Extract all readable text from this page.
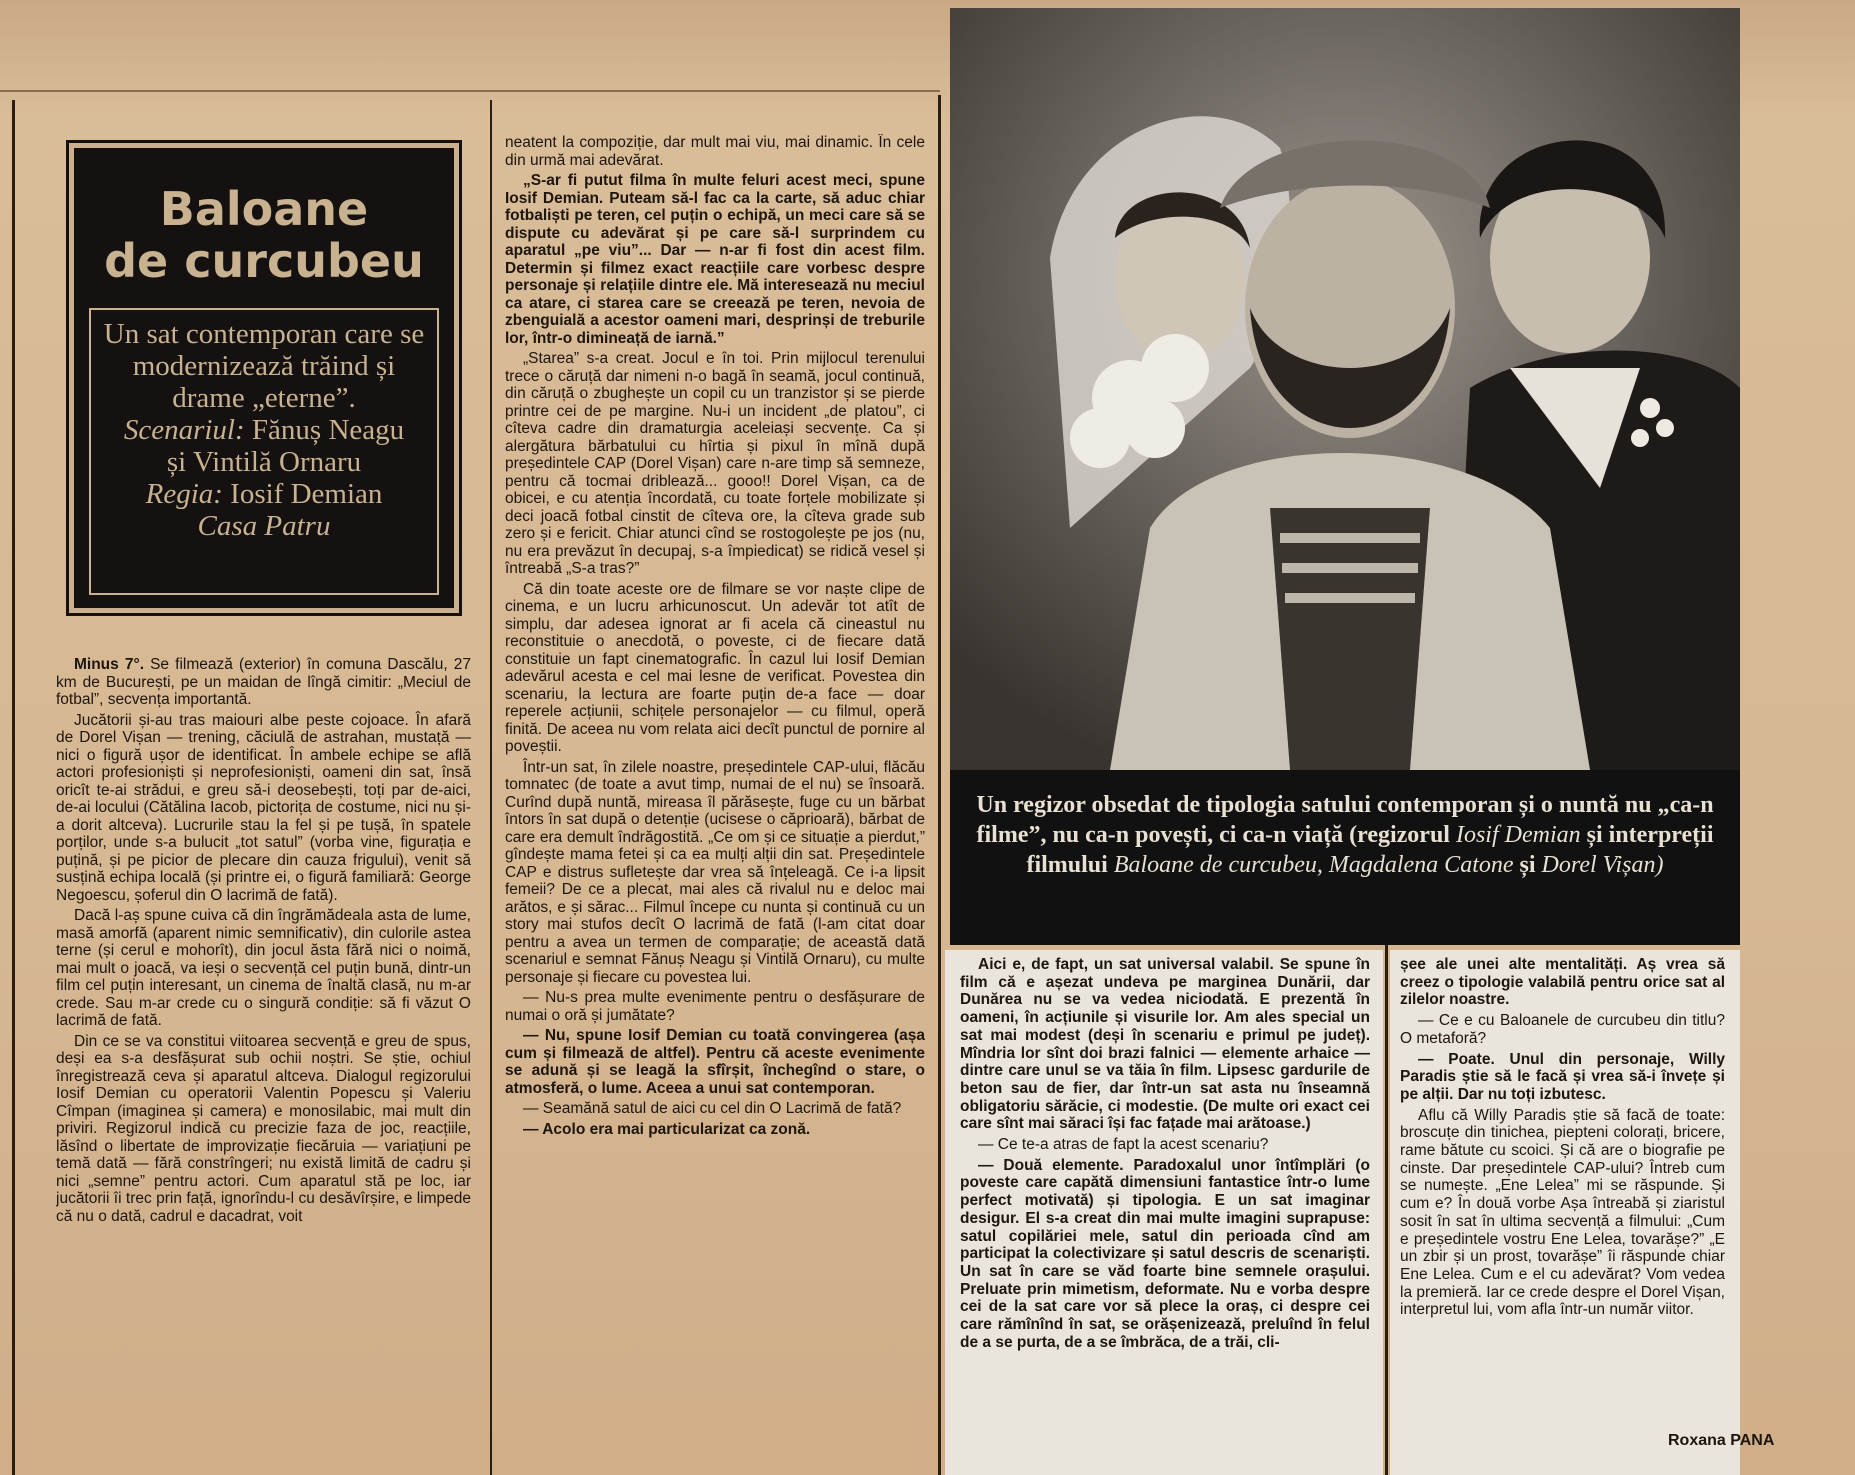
Baloane
de curcubeu
Un sat contemporan care se modernizează trăind și drame „eterne”.
Scenariul: Fănuș Neagu
și Vintilă Ornaru
Regia: Iosif Demian
Casa Patru

Minus 7°. Se filmează (exterior) în comuna Dascălu, 27 km de București, pe un maidan de lîngă cimitir: „Meciul de fotbal”, secvența importantă.

Jucătorii și-au tras maiouri albe peste cojoace. În afară de Dorel Vișan — trening, căciulă de astrahan, mustață — nici o figură ușor de identificat. În ambele echipe se află actori profesioniști și neprofesioniști, oameni din sat, însă oricît te-ai strădui, e greu să-i deosebești, toți par de-aici, de-ai locului (Cătălina Iacob, pictorița de costume, nici nu și-a dorit altceva). Lucrurile stau la fel și pe tușă, în spatele porților, unde s-a bulucit „tot satul” (vorba vine, figurația e puțină, și pe picior de plecare din cauza frigului), venit să susțină echipa locală (și printre ei, o figură familiară: George Negoescu, șoferul din O lacrimă de fată).

Dacă l-aș spune cuiva că din îngrămădeala asta de lume, masă amorfă (aparent nimic semnificativ), din culorile astea terne (și cerul e mohorît), din jocul ăsta fără nici o noimă, mai mult o joacă, va ieși o secvență cel puțin bună, dintr-un film cel puțin interesant, un cinema de înaltă clasă, nu m-ar crede. Sau m-ar crede cu o singură condiție: să fi văzut O lacrimă de fată.

Din ce se va constitui viitoarea secvență e greu de spus, deși ea s-a desfășurat sub ochii noștri. Se știe, ochiul înregistrează ceva și aparatul altceva. Dialogul regizorului Iosif Demian cu operatorii Valentin Popescu și Valeriu Cîmpan (imaginea și camera) e monosilabic, mai mult din priviri. Regizorul indică cu precizie faza de joc, reacțiile, lăsînd o libertate de improvizație fiecăruia — variațiuni pe temă dată — fără constrîngeri; nu există limită de cadru și nici „semne” pentru actori. Cum aparatul stă pe loc, iar jucătorii îi trec prin față, ignorîndu-l cu desăvîrșire, e limpede că nu o dată, cadrul e dacadrat, voit

neatent la compoziție, dar mult mai viu, mai dinamic. În cele din urmă mai adevărat.

„S-ar fi putut filma în multe feluri acest meci, spune Iosif Demian. Puteam să-l fac ca la carte, să aduc chiar fotbaliști pe teren, cel puțin o echipă, un meci care să se dispute cu adevărat și pe care să-l surprindem cu aparatul „pe viu”... Dar — n-ar fi fost din acest film. Determin și filmez exact reacțiile care vorbesc despre personaje și relațiile dintre ele. Mă interesează nu meciul ca atare, ci starea care se creează pe teren, nevoia de zbenguială a acestor oameni mari, desprinși de treburile lor, într-o dimineață de iarnă.”

„Starea” s-a creat. Jocul e în toi. Prin mijlocul terenului trece o căruță dar nimeni n-o bagă în seamă, jocul continuă, din căruță o zbughește un copil cu un tranzistor și se pierde printre cei de pe margine. Nu-i un incident „de platou”, ci cîteva cadre din dramaturgia aceleiași secvențe. Ca și alergătura bărbatului cu hîrtia și pixul în mînă după președintele CAP (Dorel Vișan) care n-are timp să semneze, pentru că tocmai driblează... gooo!! Dorel Vișan, ca de obicei, e cu atenția încordată, cu toate forțele mobilizate și deci joacă fotbal cinstit de cîteva ore, la cîteva grade sub zero și e fericit. Chiar atunci cînd se rostogolește pe jos (nu, nu era prevăzut în decupaj, s-a împiedicat) se ridică vesel și întreabă „S-a tras?”

Că din toate aceste ore de filmare se vor naște clipe de cinema, e un lucru arhicunoscut. Un adevăr tot atît de simplu, dar adesea ignorat ar fi acela că cineastul nu reconstituie o anecdotă, o poveste, ci de fiecare dată constituie un fapt cinematografic. În cazul lui Iosif Demian adevărul acesta e cel mai lesne de verificat. Povestea din scenariu, la lectura are foarte puțin de-a face — doar reperele acțiunii, schițele personajelor — cu filmul, operă finită. De aceea nu vom relata aici decît punctul de pornire al poveștii.

Într-un sat, în zilele noastre, președintele CAP-ului, flăcău tomnatec (de toate a avut timp, numai de el nu) se însoară. Curînd după nuntă, mireasa îl părăsește, fuge cu un bărbat întors în sat după o detenție (ucisese o căprioară), bărbat de care era demult îndrăgostită. „Ce om și ce situație a pierdut,” gîndește mama fetei și ca ea mulți alții din sat. Președintele CAP e distrus sufletește dar vrea să înțeleagă. Ce i-a lipsit femeii? De ce a plecat, mai ales că rivalul nu e deloc mai arătos, e și sărac... Filmul începe cu nunta și continuă cu un story mai stufos decît O lacrimă de fată (l-am citat doar pentru a avea un termen de comparație; de această dată scenariul e semnat Fănuș Neagu și Vintilă Ornaru), cu multe personaje și fiecare cu povestea lui.

— Nu-s prea multe evenimente pentru o desfășurare de numai o oră și jumătate?

— Nu, spune Iosif Demian cu toată convingerea (așa cum și filmează de altfel). Pentru că aceste evenimente se adună și se leagă la sfîrșit, închegînd o stare, o atmosferă, o lume. Aceea a unui sat contemporan.

— Seamănă satul de aici cu cel din O Lacrimă de fată?

— Acolo era mai particularizat ca zonă.

Un regizor obsedat de tipologia satului contemporan și o nuntă nu „ca-n filme”, nu ca-n povești, ci ca-n viață (regizorul Iosif Demian și interpreții filmului Baloane de curcubeu, Magdalena Catone și Dorel Vișan)

Aici e, de fapt, un sat universal valabil. Se spune în film că e așezat undeva pe marginea Dunării, dar Dunărea nu se va vedea niciodată. E prezentă în oameni, în acțiunile și visurile lor. Am ales special un sat mai modest (deși în scenariu e primul pe județ). Mîndria lor sînt doi brazi falnici — elemente arhaice — dintre care unul se va tăia în film. Lipsesc gardurile de beton sau de fier, dar într-un sat asta nu înseamnă obligatoriu sărăcie, ci modestie. (De multe ori exact cei care sînt mai săraci își fac fațade mai arătoase.)

— Ce te-a atras de fapt la acest scenariu?

— Două elemente. Paradoxalul unor întîmplări (o poveste care capătă dimensiuni fantastice într-o lume perfect motivată) și tipologia. E un sat imaginar desigur. El s-a creat din mai multe imagini suprapuse: satul copilăriei mele, satul din perioada cînd am participat la colectivizare și satul descris de scenariști. Un sat în care se văd foarte bine semnele orașului. Preluate prin mimetism, deformate. Nu e vorba despre cei de la sat care vor să plece la oraș, ci despre cei care rămînînd în sat, se orășenizează, preluînd în felul de a se purta, de a se îmbrăca, de a trăi, cli-

șee ale unei alte mentalități. Aș vrea să creez o tipologie valabilă pentru orice sat al zilelor noastre.

— Ce e cu Baloanele de curcubeu din titlu? O metaforă?

— Poate. Unul din personaje, Willy Paradis știe să le facă și vrea să-i învețe și pe alții. Dar nu toți izbutesc.

Aflu că Willy Paradis știe să facă de toate: broscuțe din tinichea, piepteni colorați, briceге, rame bătute cu scoici. Și că are o biografie pe cinste. Dar președintele CAP-ului? Întreb cum se numește. „Ene Lelea” mi se răspunde. Și cum e? În două vorbe Așa întreabă și ziaristul sosit în sat în ultima secvență a filmului: „Cum e președintele vostru Ene Lelea, tovarășe?” „E un zbir și un prost, tovarășe” îi răspunde chiar Ene Lelea. Cum e el cu adevărat? Vom vedea la premieră. Iar ce crede despre el Dorel Vișan, interpretul lui, vom afla într-un număr viitor.

Roxana PANA
